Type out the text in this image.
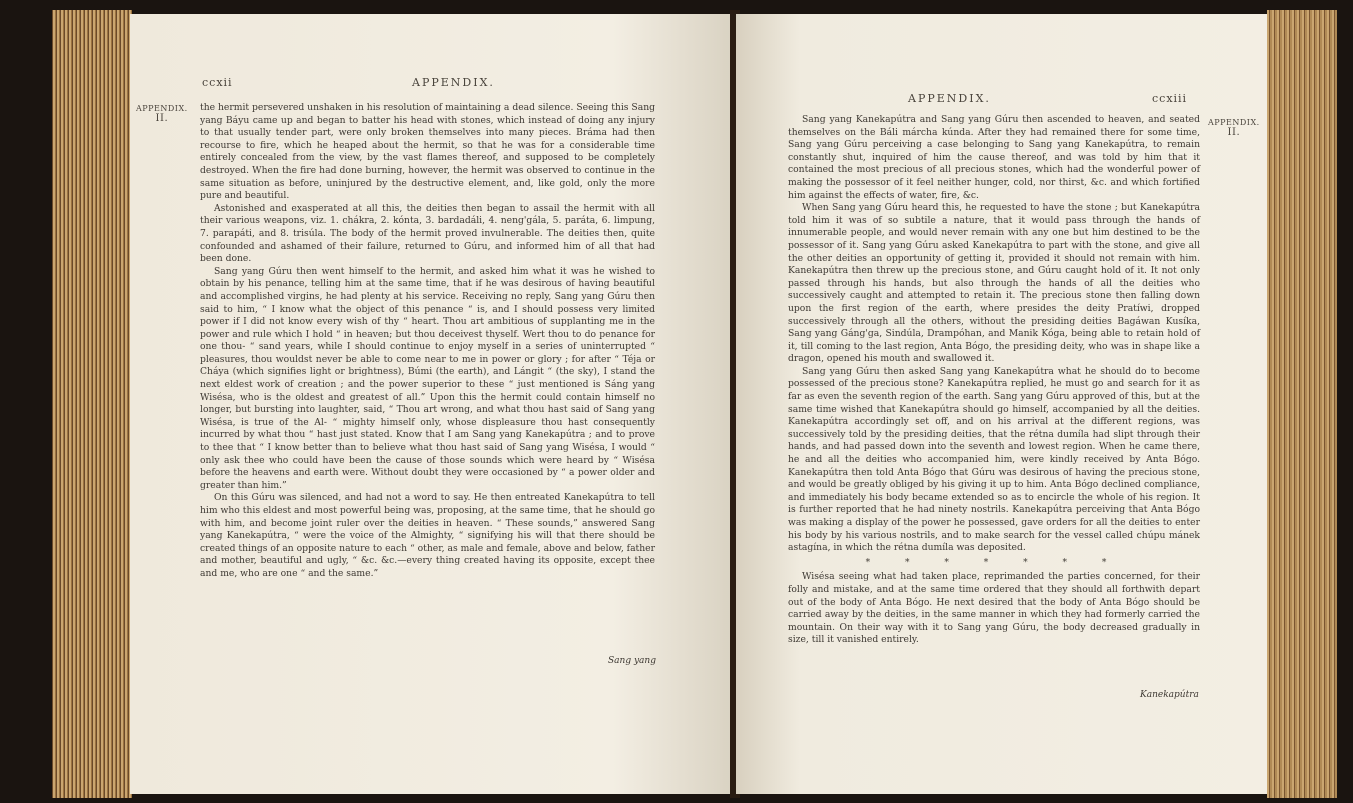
ccxii	APPENDIX.
APPENDIX.
II.

the hermit persevered unshaken in his resolution of maintaining a dead silence. Seeing this Sang yang Báyu came up and began to batter his head with stones, which instead of doing any injury to that usually tender part, were only broken themselves into many pieces. Bráma had then recourse to fire, which he heaped about the hermit, so that he was for a considerable time entirely concealed from the view, by the vast flames thereof, and supposed to be completely destroyed. When the fire had done burning, however, the hermit was observed to continue in the same situation as before, uninjured by the destructive element, and, like gold, only the more pure and beautiful.

Astonished and exasperated at all this, the deities then began to assail the hermit with all their various weapons, viz. 1. chákra, 2. kónta, 3. bardadáli, 4. neng'gála, 5. paráta, 6. limpung, 7. parapáti, and 8. trisúla. The body of the hermit proved invulnerable. The deities then, quite confounded and ashamed of their failure, returned to Gúru, and informed him of all that had been done.

Sang yang Gúru then went himself to the hermit, and asked him what it was he wished to obtain by his penance, telling him at the same time, that if he was desirous of having beautiful and accomplished virgins, he had plenty at his service. Receiving no reply, Sang yang Gúru then said to him, “ I know what the object of this penance “ is, and I should possess very limited power if I did not know every wish of thy “ heart. Thou art ambitious of supplanting me in the power and rule which I hold “ in heaven; but thou deceivest thyself. Wert thou to do penance for one thou- “ sand years, while I should continue to enjoy myself in a series of uninterrupted “ pleasures, thou wouldst never be able to come near to me in power or glory ; for after “ Téja or Cháya (which signifies light or brightness), Búmi (the earth), and Lángit “ (the sky), I stand the next eldest work of creation ; and the power superior to these “ just mentioned is Sáng yang Wisésa, who is the oldest and greatest of all.” Upon this the hermit could contain himself no longer, but bursting into laughter, said, “ Thou art wrong, and what thou hast said of Sang yang Wisésa, is true of the Al- “ mighty himself only, whose displeasure thou hast consequently incurred by what thou “ hast just stated. Know that I am Sang yang Kanekapútra ; and to prove to thee that “ I know better than to believe what thou hast said of Sang yang Wisésa, I would “ only ask thee who could have been the cause of those sounds which were heard by “ Wisésa before the heavens and earth were. Without doubt they were occasioned by “ a power older and greater than him.”

On this Gúru was silenced, and had not a word to say. He then entreated Kanekapútra to tell him who this eldest and most powerful being was, proposing, at the same time, that he should go with him, and become joint ruler over the deities in heaven. “ These sounds,” answered Sang yang Kanekapútra, “ were the voice of the Almighty, “ signifying his will that there should be created things of an opposite nature to each “ other, as male and female, above and below, father and mother, beautiful and ugly, “ &c. &c.—every thing created having its opposite, except thee and me, who are one “ and the same.”

Sang yang
APPENDIX.	ccxiii
APPENDIX.
II.

Sang yang Kanekapútra and Sang yang Gúru then ascended to heaven, and seated themselves on the Báli márcha kúnda. After they had remained there for some time, Sang yang Gúru perceiving a case belonging to Sang yang Kanekapútra, to remain constantly shut, inquired of him the cause thereof, and was told by him that it contained the most precious of all precious stones, which had the wonderful power of making the possessor of it feel neither hunger, cold, nor thirst, &c. and which fortified him against the effects of water, fire, &c.

When Sang yang Gúru heard this, he requested to have the stone ; but Kanekapútra told him it was of so subtile a nature, that it would pass through the hands of innumerable people, and would never remain with any one but him destined to be the possessor of it. Sang yang Gúru asked Kanekapútra to part with the stone, and give all the other deities an opportunity of getting it, provided it should not remain with him. Kanekapútra then threw up the precious stone, and Gúru caught hold of it. It not only passed through his hands, but also through the hands of all the deities who successively caught and attempted to retain it. The precious stone then falling down upon the first region of the earth, where presides the deity Pratíwi, dropped successively through all the others, without the presiding deities Bagáwan Kusíka, Sang yang Gáng'ga, Sindúla, Drampóhan, and Manik Kóga, being able to retain hold of it, till coming to the last region, Anta Bógo, the presiding deity, who was in shape like a dragon, opened his mouth and swallowed it.

Sang yang Gúru then asked Sang yang Kanekapútra what he should do to become possessed of the precious stone? Kanekapútra replied, he must go and search for it as far as even the seventh region of the earth. Sang yang Gúru approved of this, but at the same time wished that Kanekapútra should go himself, accompanied by all the deities. Kanekapútra accordingly set off, and on his arrival at the different regions, was successively told by the presiding deities, that the rétna dumíla had slipt through their hands, and had passed down into the seventh and lowest region. When he came there, he and all the deities who accompanied him, were kindly received by Anta Bógo. Kanekapútra then told Anta Bógo that Gúru was desirous of having the precious stone, and would be greatly obliged by his giving it up to him. Anta Bógo declined compliance, and immediately his body became extended so as to encircle the whole of his region. It is further reported that he had ninety nostrils. Kanekapútra perceiving that Anta Bógo was making a display of the power he possessed, gave orders for all the deities to enter his body by his various nostrils, and to make search for the vessel called chúpu mánek astagína, in which the rétna dumíla was deposited.

* * * * * * *

Wisésa seeing what had taken place, reprimanded the parties concerned, for their folly and mistake, and at the same time ordered that they should all forthwith depart out of the body of Anta Bógo. He next desired that the body of Anta Bógo should be carried away by the deities, in the same manner in which they had formerly carried the mountain. On their way with it to Sang yang Gúru, the body decreased gradually in size, till it vanished entirely.

Kanekapútra
